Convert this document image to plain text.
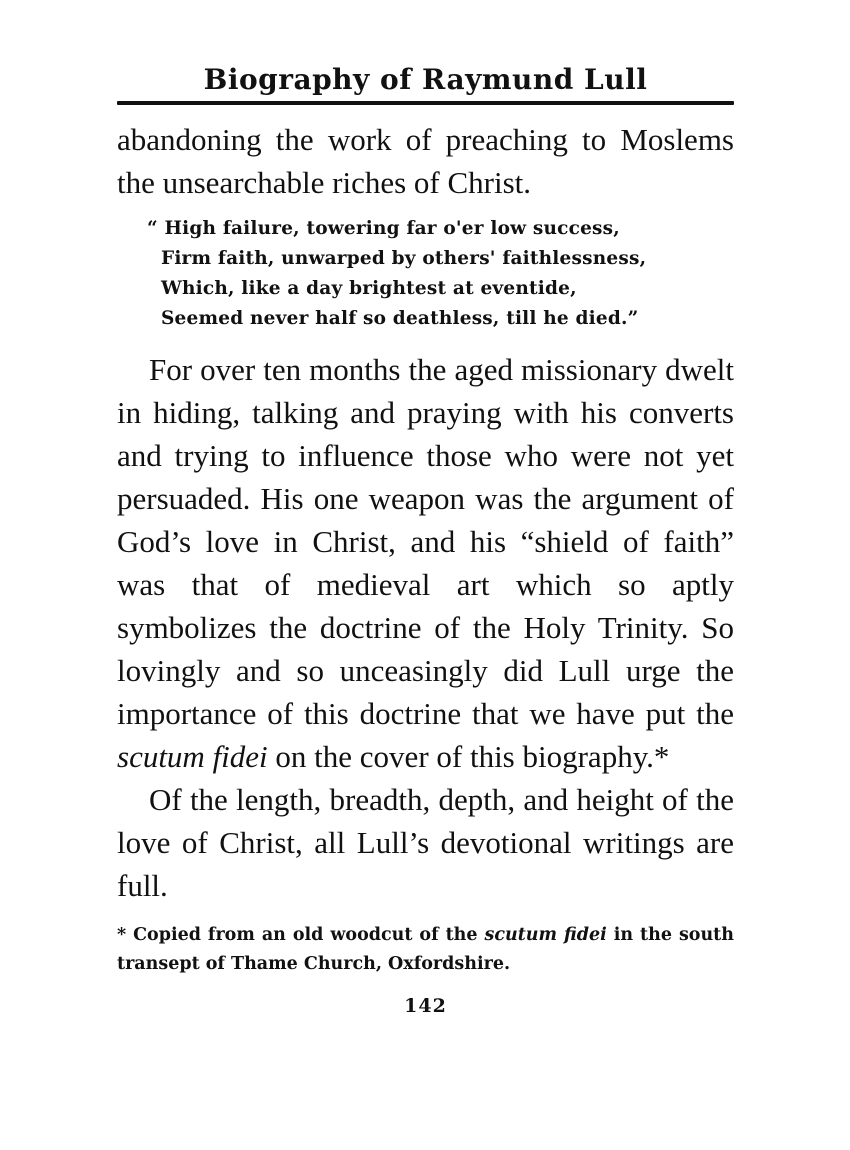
Biography of Raymund Lull

abandoning the work of preaching to Moslems the unsearchable riches of Christ.

“ High failure, towering far o'er low success,
Firm faith, unwarped by others' faithlessness,
Which, like a day brightest at eventide,
Seemed never half so deathless, till he died.”

For over ten months the aged missionary dwelt in hiding, talking and praying with his converts and trying to influence those who were not yet persuaded. His one weapon was the argument of God’s love in Christ, and his “shield of faith” was that of medieval art which so aptly symbolizes the doctrine of the Holy Trinity. So lovingly and so unceasingly did Lull urge the importance of this doctrine that we have put the scutum fidei on the cover of this biography.*

Of the length, breadth, depth, and height of the love of Christ, all Lull’s devotional writings are full.

* Copied from an old woodcut of the scutum fidei in the south transept of Thame Church, Oxfordshire.
142
